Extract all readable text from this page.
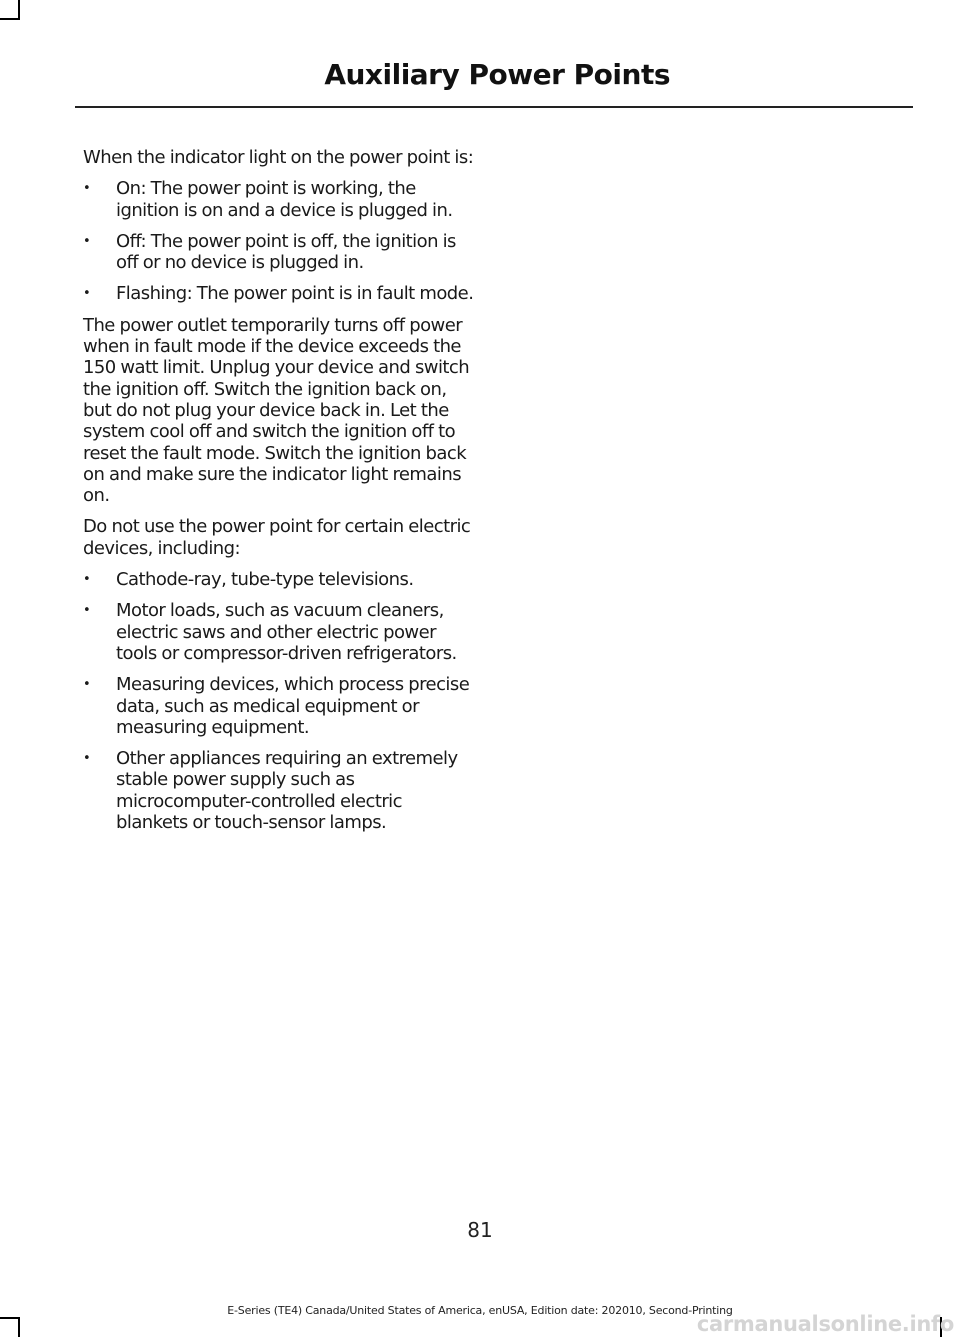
Auxiliary Power Points

When the indicator light on the power point is:

• On: The power point is working, the ignition is on and a device is plugged in.
• Off: The power point is off, the ignition is off or no device is plugged in.
• Flashing: The power point is in fault mode.

The power outlet temporarily turns off power when in fault mode if the device exceeds the 150 watt limit. Unplug your device and switch the ignition off. Switch the ignition back on, but do not plug your device back in. Let the system cool off and switch the ignition off to reset the fault mode. Switch the ignition back on and make sure the indicator light remains on.

Do not use the power point for certain electric devices, including:

• Cathode-ray, tube-type televisions.
• Motor loads, such as vacuum cleaners, electric saws and other electric power tools or compressor-driven refrigerators.
• Measuring devices, which process precise data, such as medical equipment or measuring equipment.
• Other appliances requiring an extremely stable power supply such as microcomputer-controlled electric blankets or touch-sensor lamps.
81
E-Series (TE4) Canada/United States of America, enUSA, Edition date: 202010, Second-Printing
carmanualsonline.info
